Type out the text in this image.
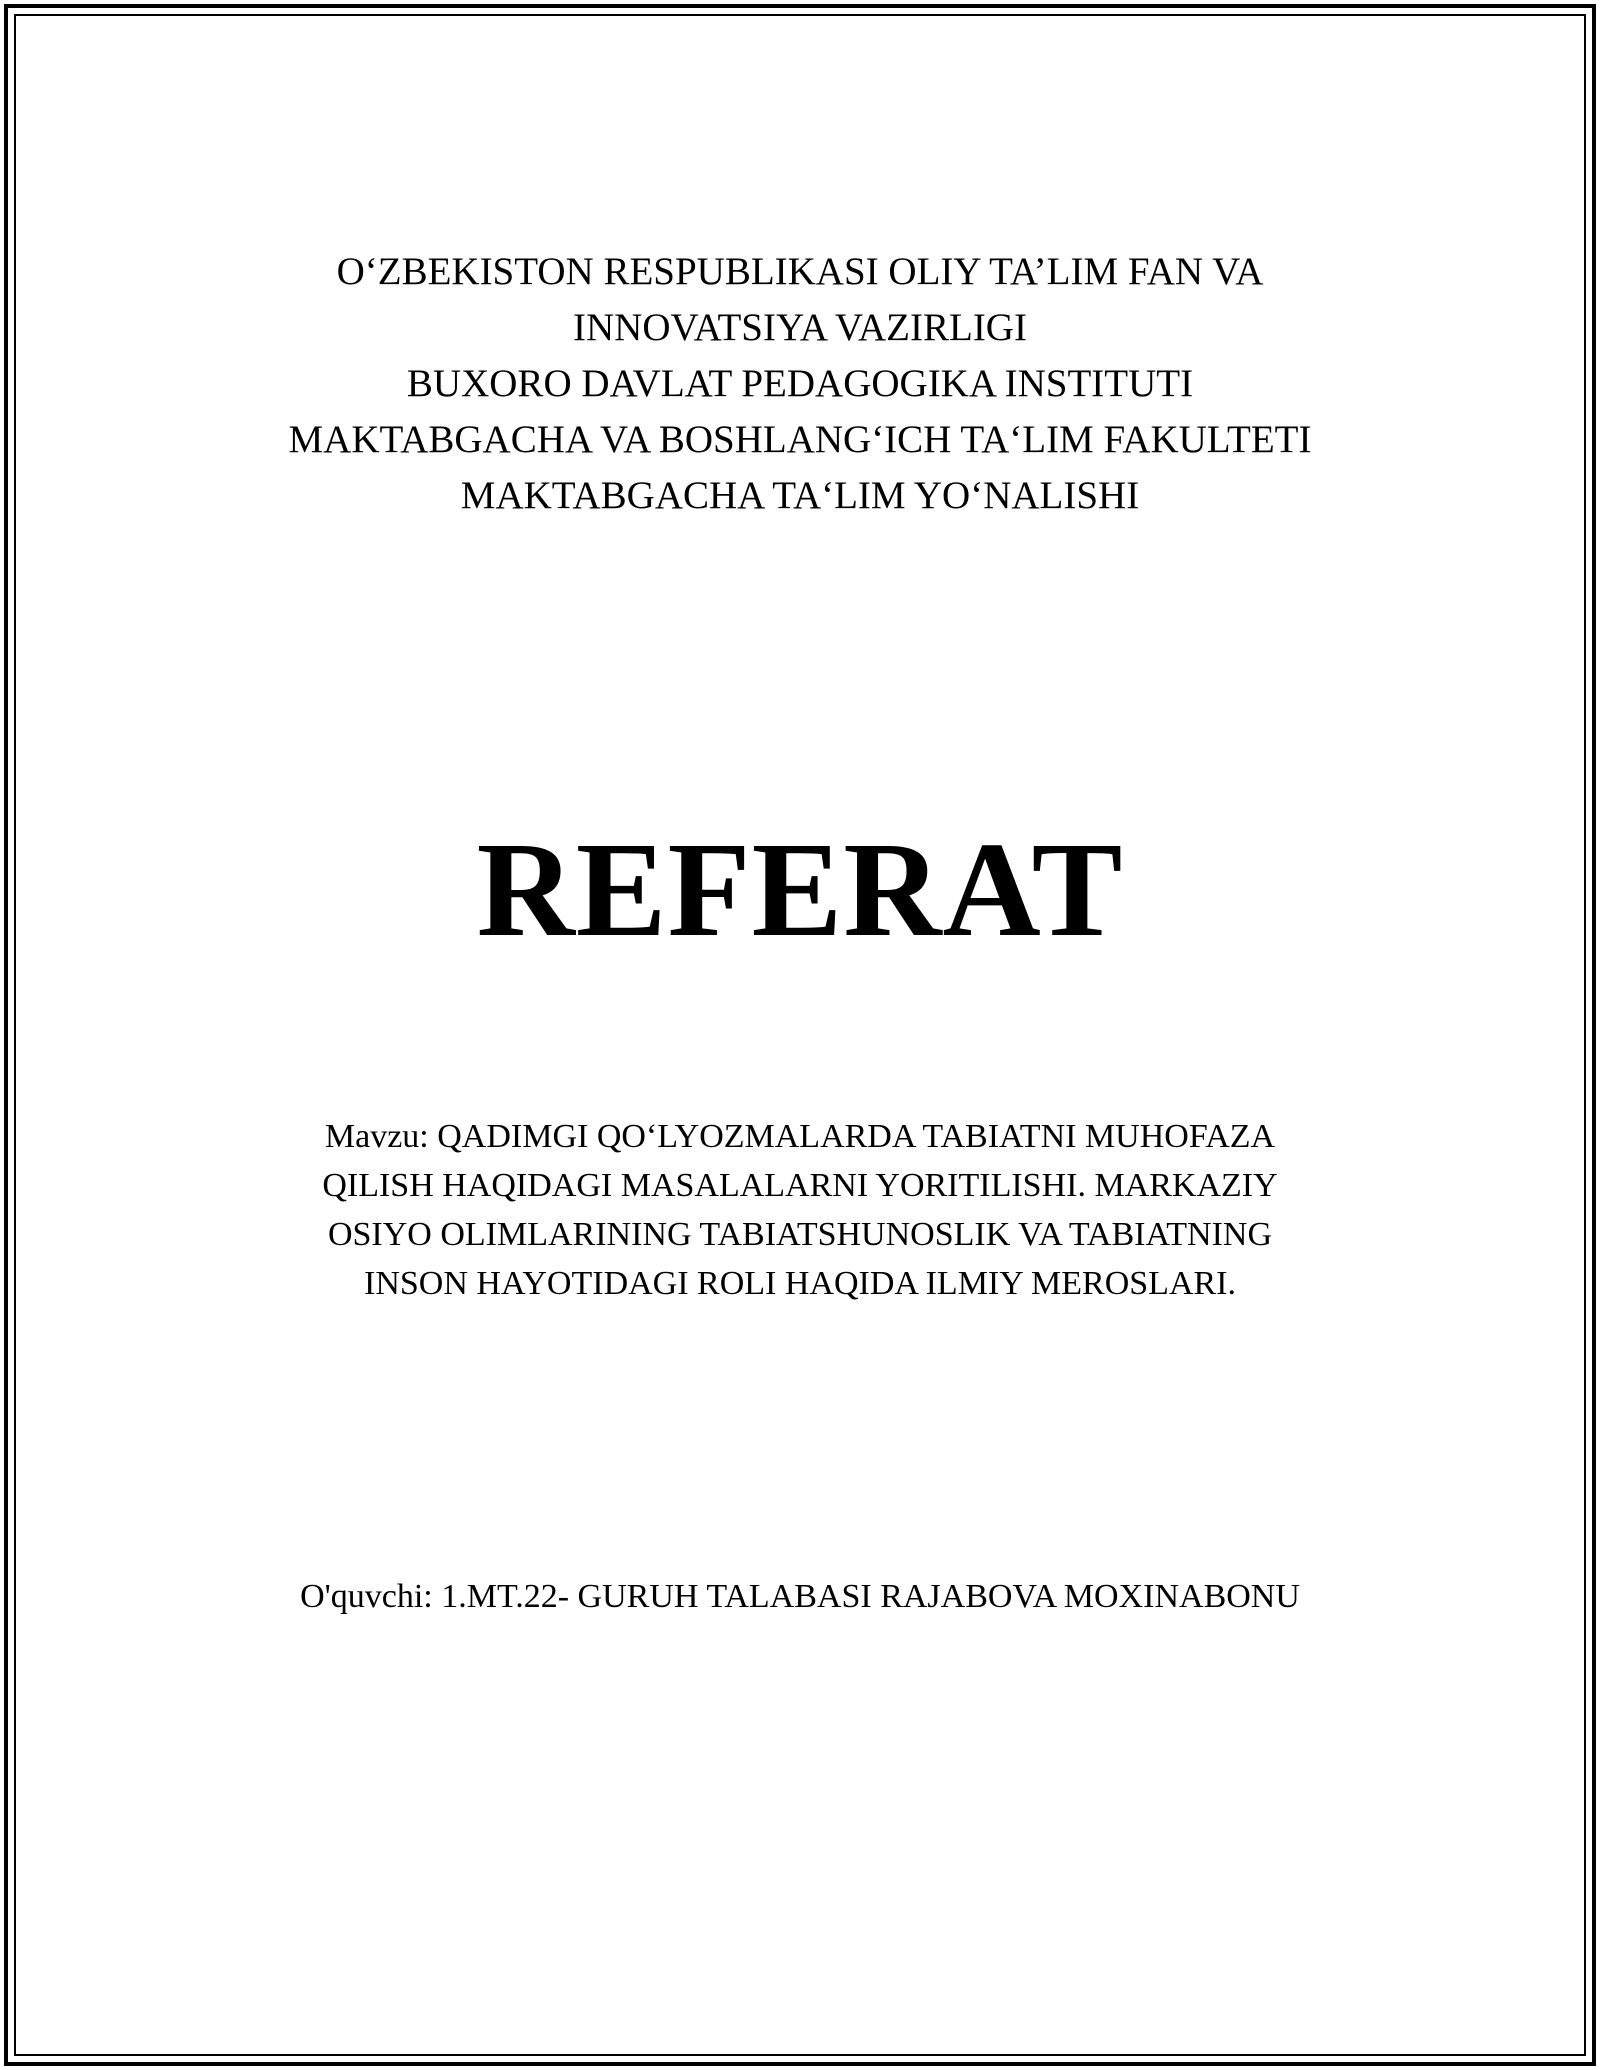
O‘ZBEKISTON RESPUBLIKASI OLIY TA’LIM FAN VA
INNOVATSIYA VAZIRLIGI
BUXORO DAVLAT PEDAGOGIKA INSTITUTI
MAKTABGACHA VA BOSHLANG‘ICH TA‘LIM FAKULTETI
MAKTABGACHA TA‘LIM YO‘NALISHI
REFERAT
Mavzu: QADIMGI QO‘LYOZMALARDA TABIATNI MUHOFAZA
QILISH HAQIDAGI MASALALARNI YORITILISHI. MARKAZIY
OSIYO OLIMLARINING TABIATSHUNOSLIK VA TABIATNING
INSON HAYOTIDAGI ROLI HAQIDA ILMIY MEROSLARI.
O'quvchi: 1.MT.22- GURUH TALABASI RAJABOVA MOXINABONU
